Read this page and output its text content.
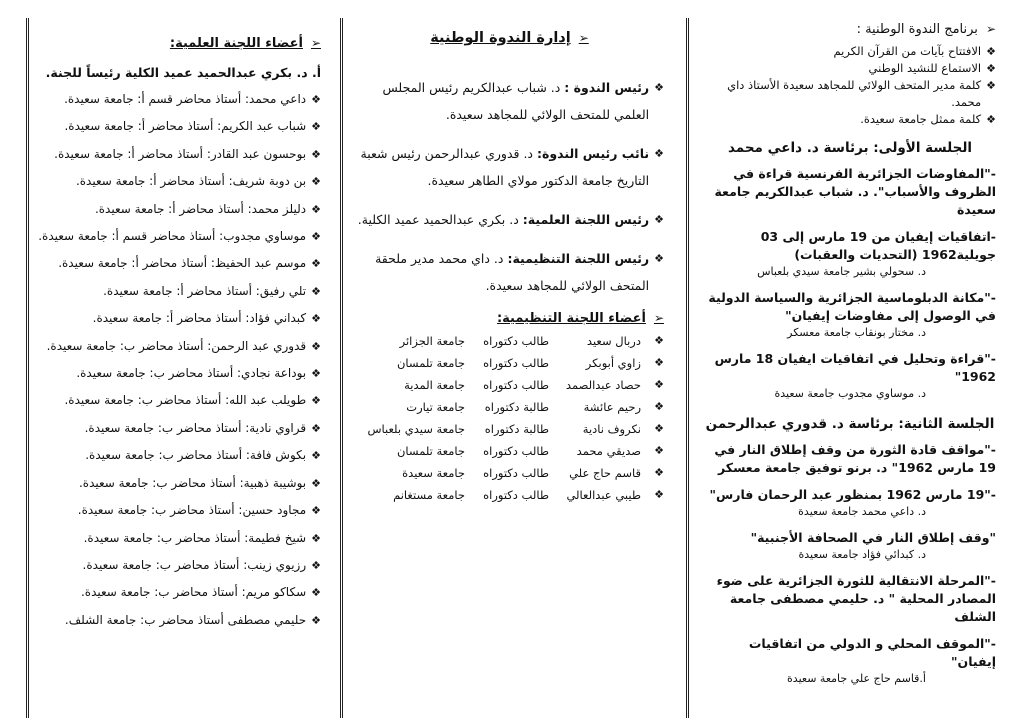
➢برنامج الندوة الوطنية :
❖
الافتتاح بآيات من القرآن الكريم
❖
الاستماع للنشيد الوطني
❖
كلمة مدير المتحف الولائي للمجاهد سعيدة الأستاذ داي محمد.
❖
كلمة ممثل جامعة سعيدة.
الجلسة الأولى: برئاسة د. داعي محمد
-"المفاوضات الجزائرية الفرنسية قراءة في الظروف والأسباب". د. شباب عبدالكريم جامعة سعيدة
-اتفاقيات إيفيان من 19 مارس إلى 03 جويلية1962 (التحديات والعقبات)
د. سحولي بشير جامعة سيدي بلعباس
-"مكانة الدبلوماسية الجزائرية والسياسة الدولية في الوصول إلى مفاوضات إيفيان"
د. مختار بونقاب جامعة معسكر
-"قراءة وتحليل في اتفاقيات ايفيان 18 مارس 1962"
د. موساوي مجدوب جامعة سعيدة
الجلسة الثانية: برئاسة د. قدوري عبدالرحمن
-"مواقف قادة الثورة من وقف إطلاق النار في 19 مارس 1962" د. برنو توفيق جامعة معسكر
-"19 مارس 1962 بمنظور عبد الرحمان فارس"
د. داعي محمد جامعة سعيدة
"وقف إطلاق النار في الصحافة الأجنبية"
د. كبدائي فؤاد جامعة سعيدة
-"المرحلة الانتقالية للثورة الجزائرية على ضوء المصادر المحلية " د. حليمي مصطفى جامعة الشلف
-"الموقف المحلي و الدولي من اتفاقيات إيفيان"
أ.قاسم حاج علي جامعة سعيدة
➢إدارة الندوة الوطنية
❖
رئيس الندوة : د. شباب عبدالكريم رئيس المجلس العلمي للمتحف الولائي للمجاهد سعيدة.
❖
نائب رئيس الندوة: د. قدوري عبدالرحمن رئيس شعبة التاريخ جامعة الدكتور مولاي الطاهر سعيدة.
❖
رئيس اللجنة العلمية: د. بكري عبدالحميد عميد الكلية.
❖
رئيس اللجنة التنظيمية: د. داي محمد مدير ملحقة المتحف الولائي للمجاهد سعيدة.
➢أعضاء اللجنة التنظيمية:
❖
دربال سعيد
طالب دكتوراه
جامعة الجزائر
❖
زاوي أبوبكر
طالب دكتوراه
جامعة تلمسان
❖
حصاد عبدالصمد
طالب دكتوراه
جامعة المدية
❖
رحيم عائشة
طالبة دكتوراه
جامعة تيارت
❖
نكروف نادية
طالبة دكتوراه
جامعة سيدي بلعباس
❖
صديقي محمد
طالب دكتوراه
جامعة تلمسان
❖
قاسم حاج علي
طالب دكتوراه
جامعة سعيدة
❖
طيبي عبدالعالي
طالب دكتوراه
جامعة مستغانم
➢أعضاء اللجنة العلمية:
أ. د. بكري عبدالحميد عميد الكلية رئيساً للجنة.
❖
داعي محمد: أستاذ محاضر قسم أ: جامعة سعيدة.
❖
شباب عبد الكريم: أستاذ محاضر أ: جامعة سعيدة.
❖
بوحسون عبد القادر: أستاذ محاضر أ: جامعة سعيدة.
❖
بن دوبة شريف: أستاذ محاضر أ: جامعة سعيدة.
❖
دليلز محمد: أستاذ محاضر أ: جامعة سعيدة.
❖
موساوي مجدوب: أستاذ محاضر قسم أ: جامعة سعيدة.
❖
موسم عبد الحفيظ: أستاذ محاضر أ: جامعة سعيدة.
❖
تلي رفيق: أستاذ محاضر أ: جامعة سعيدة.
❖
كبداني فؤاد: أستاذ محاضر أ: جامعة سعيدة.
❖
قدوري عبد الرحمن: أستاذ محاضر ب: جامعة سعيدة.
❖
بوداعة نجادي: أستاذ محاضر ب: جامعة سعيدة.
❖
طويلب عبد الله: أستاذ محاضر ب: جامعة سعيدة.
❖
قراوي نادية: أستاذ محاضر ب: جامعة سعيدة.
❖
بكوش فافة: أستاذ محاضر ب: جامعة سعيدة.
❖
بوشيبة ذهبية: أستاذ محاضر ب: جامعة سعيدة.
❖
مجاود حسين: أستاذ محاضر ب: جامعة سعيدة.
❖
شيخ فطيمة: أستاذ محاضر ب: جامعة سعيدة.
❖
رزيوي زينب: أستاذ محاضر ب: جامعة سعيدة.
❖
سكاكو مريم: أستاذ محاضر ب: جامعة سعيدة.
❖
حليمي مصطفى أستاذ محاضر ب: جامعة الشلف.
